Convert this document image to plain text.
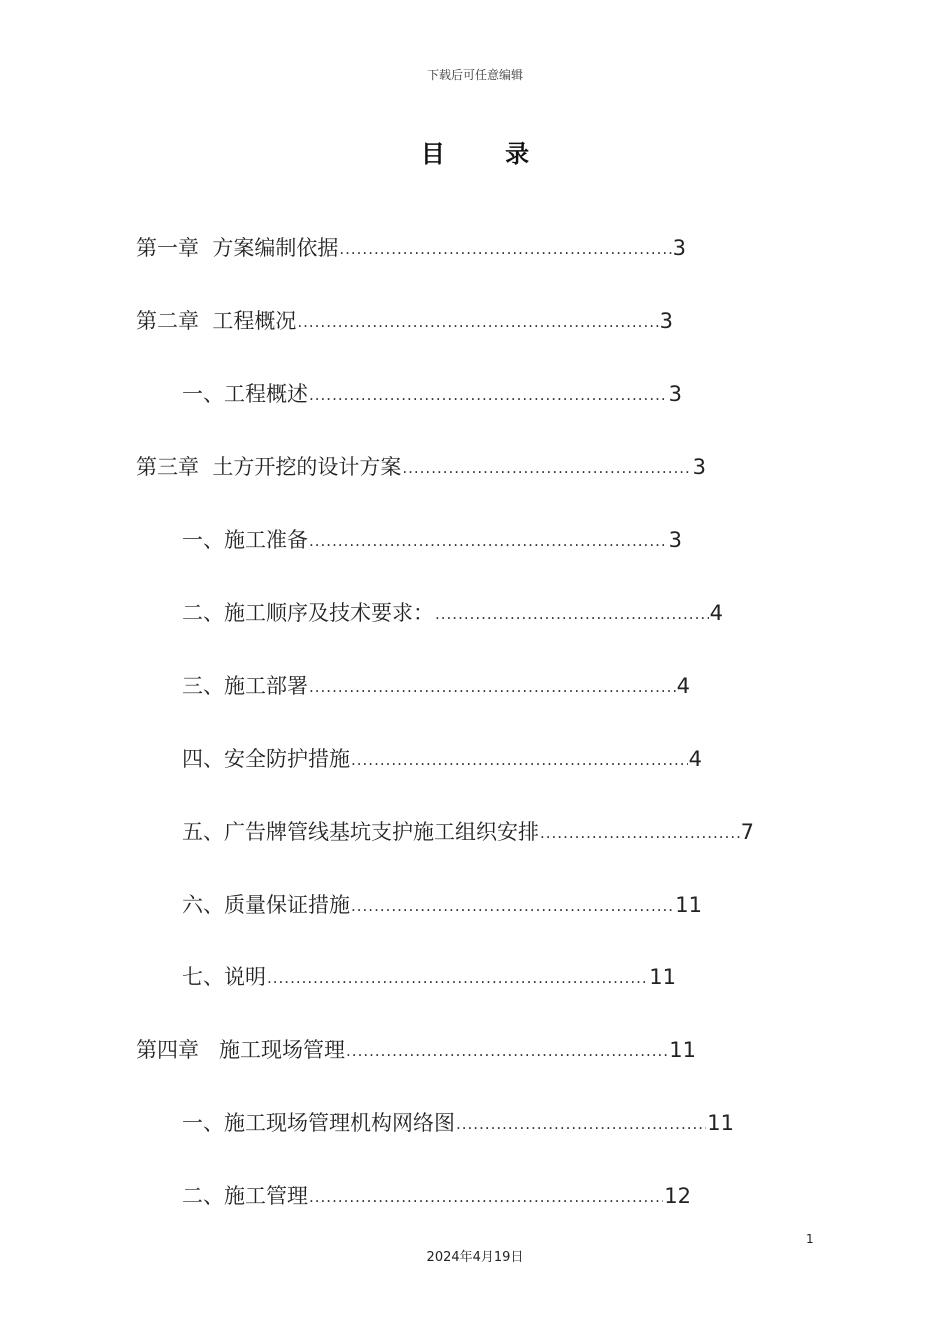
下载后可任意编辑
目 录
第一章  方案编制依据 .....	3
第二章  工程概况 .....	3
一、工程概述 .....	3
第三章  土方开挖的设计方案 .....	3
一、施工准备 .....	3
二、施工顺序及技术要求： .....	4
三、施工部署 .....	4
四、安全防护措施 .....	4
五、广告牌管线基坑支护施工组织安排 .....	7
六、质量保证措施 .....	11
七、说明 .....	11
第四章   施工现场管理 .....	11
一、施工现场管理机构网络图 .....	11
二、施工管理 .....	12
1
2024年4月19日
